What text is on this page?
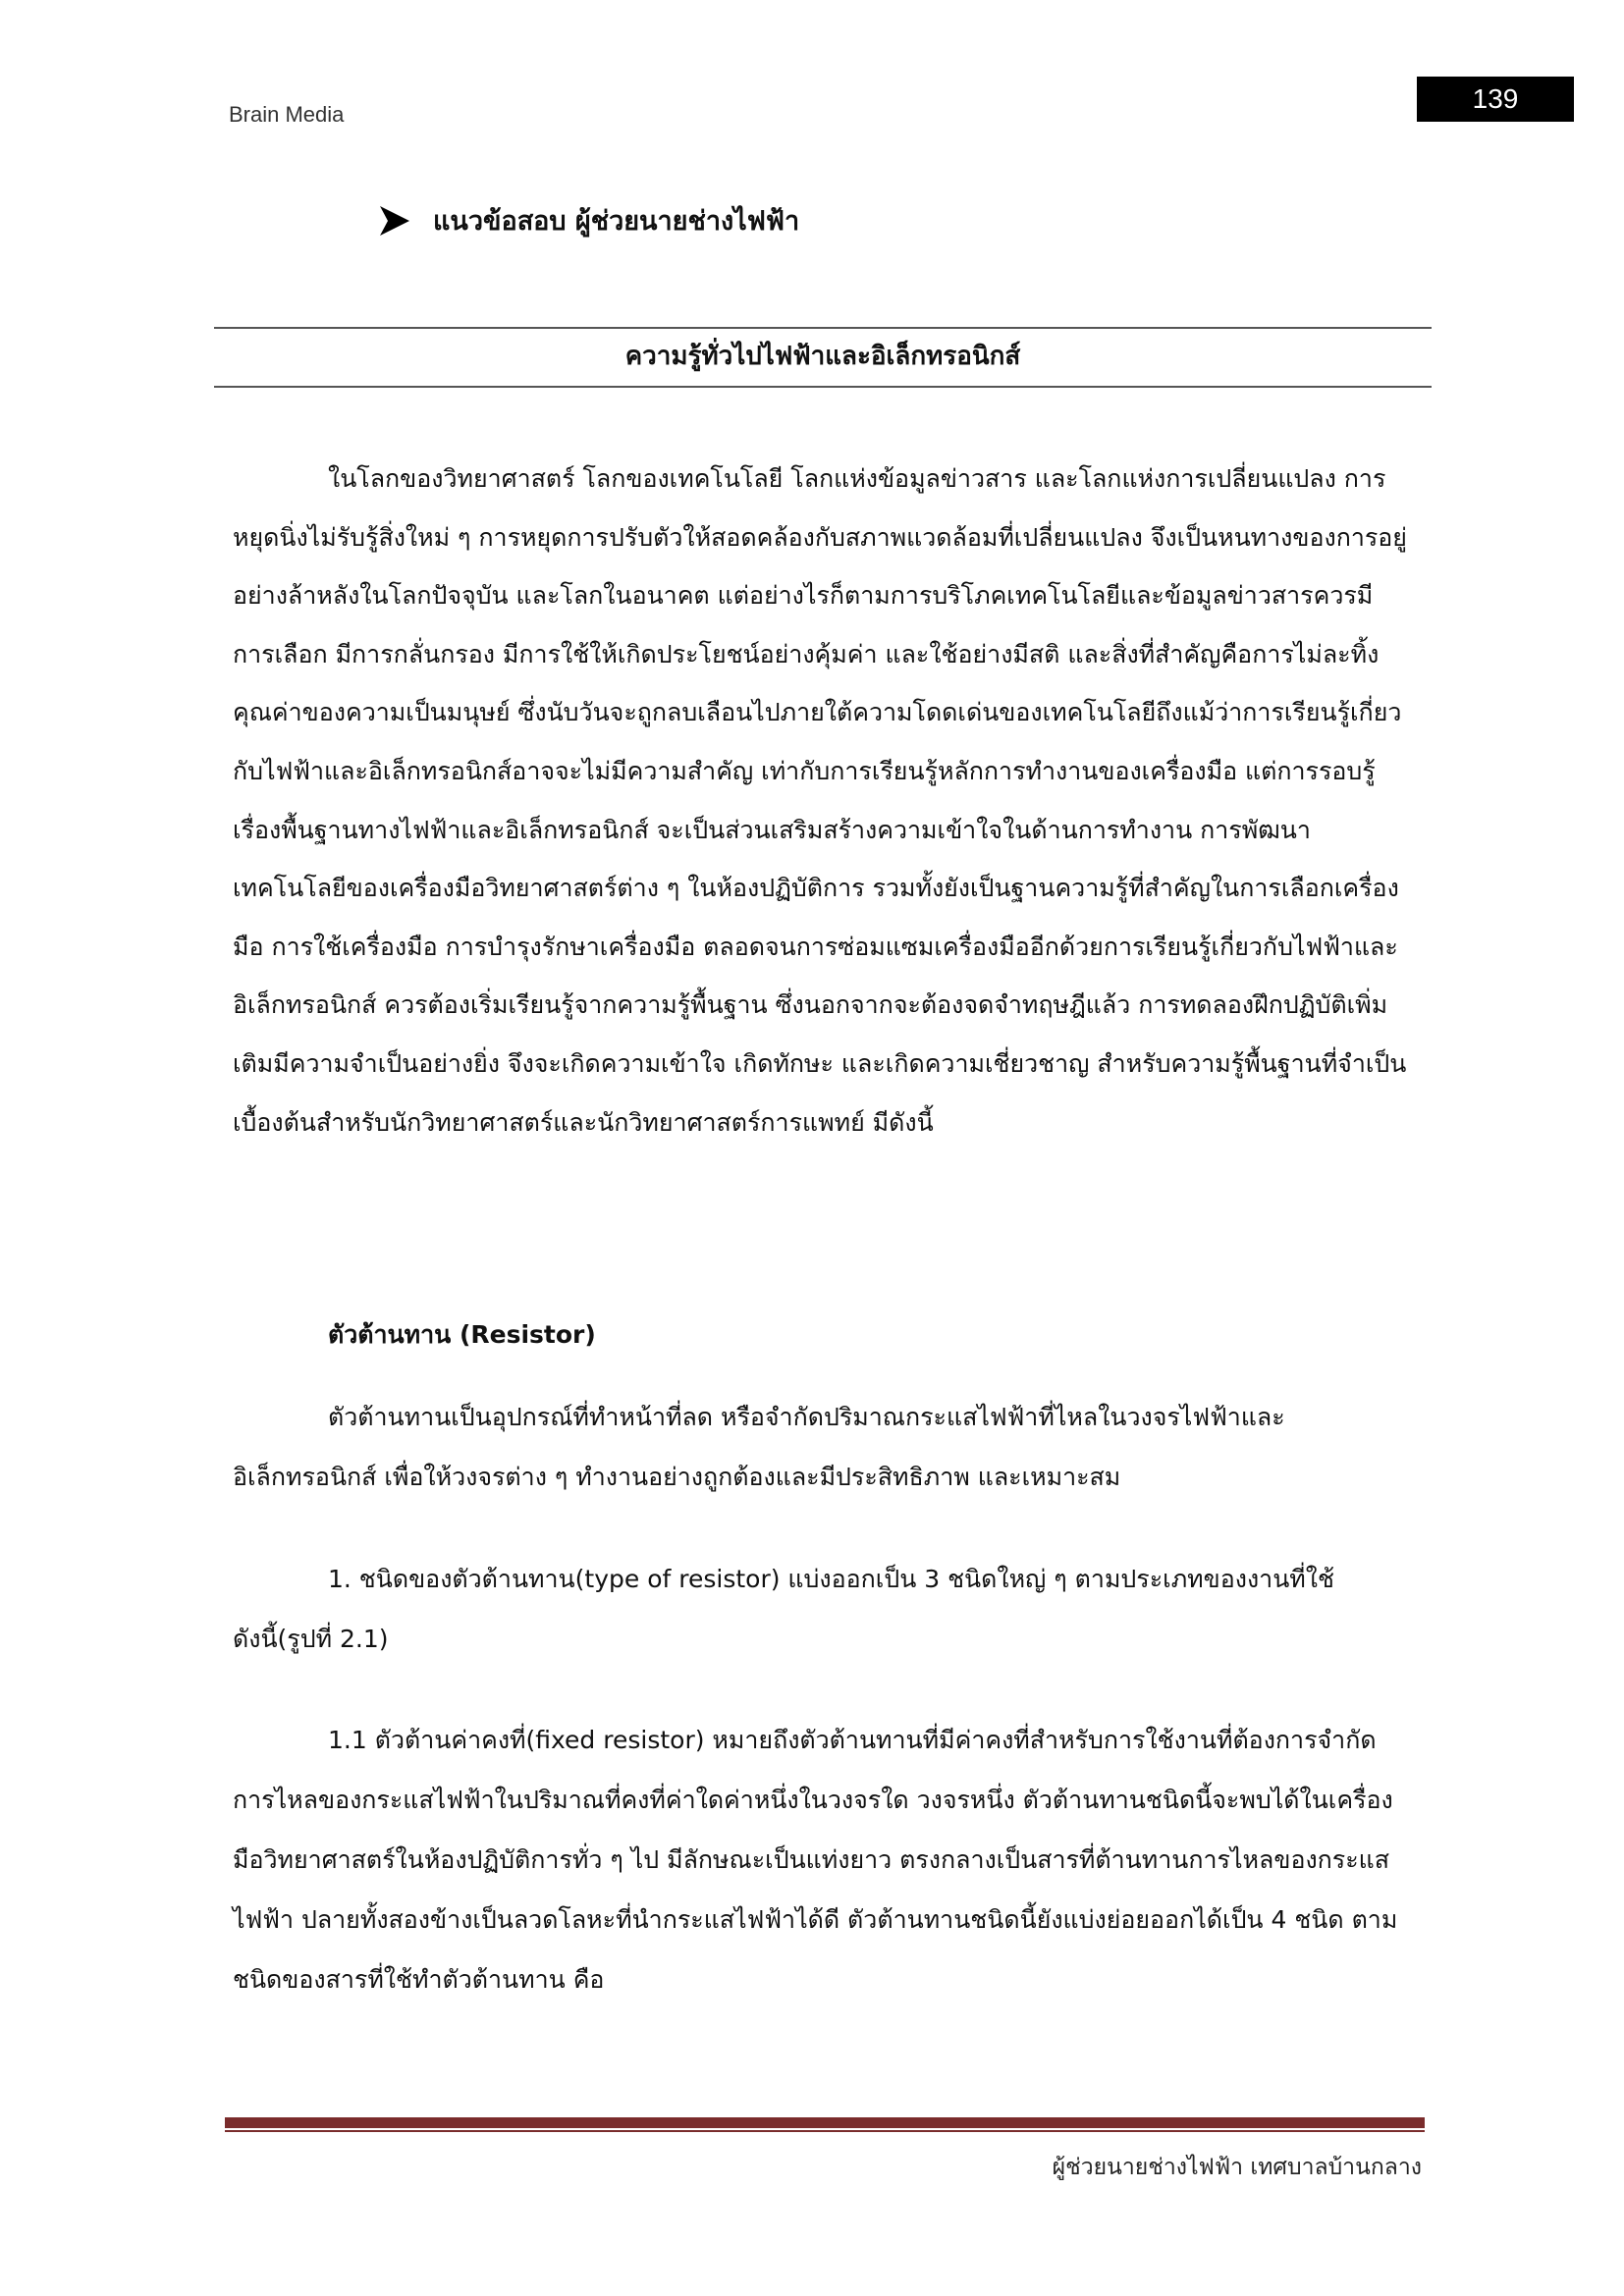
Brain Media
139
แนวข้อสอบ ผู้ช่วยนายช่างไฟฟ้า
ความรู้ทั่วไปไฟฟ้าและอิเล็กทรอนิกส์

ในโลกของวิทยาศาสตร์ โลกของเทคโนโลยี โลกแห่งข้อมูลข่าวสาร และโลกแห่งการเปลี่ยนแปลง การหยุดนิ่งไม่รับรู้สิ่งใหม่ ๆ การหยุดการปรับตัวให้สอดคล้องกับสภาพแวดล้อมที่เปลี่ยนแปลง จึงเป็นหนทางของการอยู่อย่างล้าหลังในโลกปัจจุบัน และโลกในอนาคต แต่อย่างไรก็ตามการบริโภคเทคโนโลยีและข้อมูลข่าวสารควรมีการเลือก มีการกลั่นกรอง มีการใช้ให้เกิดประโยชน์อย่างคุ้มค่า และใช้อย่างมีสติ และสิ่งที่สำคัญคือการไม่ละทิ้งคุณค่าของความเป็นมนุษย์ ซึ่งนับวันจะถูกลบเลือนไปภายใต้ความโดดเด่นของเทคโนโลยีถึงแม้ว่าการเรียนรู้เกี่ยวกับไฟฟ้าและอิเล็กทรอนิกส์อาจจะไม่มีความสำคัญ เท่ากับการเรียนรู้หลักการทำงานของเครื่องมือ แต่การรอบรู้เรื่องพื้นฐานทางไฟฟ้าและอิเล็กทรอนิกส์ จะเป็นส่วนเสริมสร้างความเข้าใจในด้านการทำงาน การพัฒนาเทคโนโลยีของเครื่องมือวิทยาศาสตร์ต่าง ๆ ในห้องปฏิบัติการ รวมทั้งยังเป็นฐานความรู้ที่สำคัญในการเลือกเครื่องมือ การใช้เครื่องมือ การบำรุงรักษาเครื่องมือ ตลอดจนการซ่อมแซมเครื่องมืออีกด้วยการเรียนรู้เกี่ยวกับไฟฟ้าและอิเล็กทรอนิกส์ ควรต้องเริ่มเรียนรู้จากความรู้พื้นฐาน ซึ่งนอกจากจะต้องจดจำทฤษฎีแล้ว การทดลองฝึกปฏิบัติเพิ่มเติมมีความจำเป็นอย่างยิ่ง จึงจะเกิดความเข้าใจ เกิดทักษะ และเกิดความเชี่ยวชาญ สำหรับความรู้พื้นฐานที่จำเป็นเบื้องต้นสำหรับนักวิทยาศาสตร์และนักวิทยาศาสตร์การแพทย์ มีดังนี้

ตัวต้านทาน (Resistor)

ตัวต้านทานเป็นอุปกรณ์ที่ทำหน้าที่ลด หรือจำกัดปริมาณกระแสไฟฟ้าที่ไหลในวงจรไฟฟ้าและอิเล็กทรอนิกส์ เพื่อให้วงจรต่าง ๆ ทำงานอย่างถูกต้องและมีประสิทธิภาพ และเหมาะสม

1. ชนิดของตัวต้านทาน(type of resistor) แบ่งออกเป็น 3 ชนิดใหญ่ ๆ ตามประเภทของงานที่ใช้ดังนี้(รูปที่ 2.1)

1.1 ตัวต้านค่าคงที่(fixed resistor) หมายถึงตัวต้านทานที่มีค่าคงที่สำหรับการใช้งานที่ต้องการจำกัดการไหลของกระแสไฟฟ้าในปริมาณที่คงที่ค่าใดค่าหนึ่งในวงจรใด วงจรหนึ่ง ตัวต้านทานชนิดนี้จะพบได้ในเครื่องมือวิทยาศาสตร์ในห้องปฏิบัติการทั่ว ๆ ไป มีลักษณะเป็นแท่งยาว ตรงกลางเป็นสารที่ต้านทานการไหลของกระแสไฟฟ้า ปลายทั้งสองข้างเป็นลวดโลหะที่นำกระแสไฟฟ้าได้ดี ตัวต้านทานชนิดนี้ยังแบ่งย่อยออกได้เป็น 4 ชนิด ตามชนิดของสารที่ใช้ทำตัวต้านทาน คือ

ผู้ช่วยนายช่างไฟฟ้า เทศบาลบ้านกลาง
